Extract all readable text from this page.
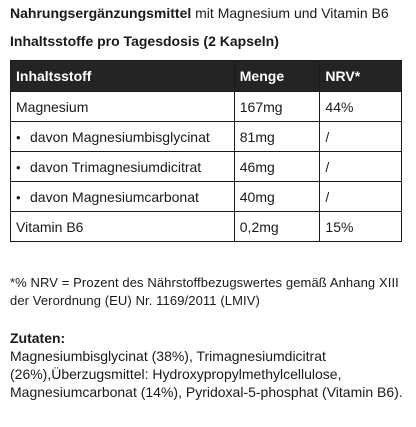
Nahrungsergänzungsmittel mit Magnesium und Vitamin B6
Inhaltsstoffe pro Tagesdosis (2 Kapseln)
Inhaltsstoff	Menge	NRV*
Magnesium	167mg	44%
• davon Magnesiumbisglycinat	81mg	/
• davon Trimagnesiumdicitrat	46mg	/
• davon Magnesiumcarbonat	40mg	/
Vitamin B6	0,2mg	15%
*% NRV = Prozent des Nährstoffbezugswertes gemäß Anhang XIII der Verordnung (EU) Nr. 1169/2011 (LMIV)
Zutaten:
Magnesiumbisglycinat (38%), Trimagnesiumdicitrat (26%),Überzugsmittel: Hydroxypropylmethylcellulose, Magnesiumcarbonat (14%), Pyridoxal-5-phosphat (Vitamin B6).
